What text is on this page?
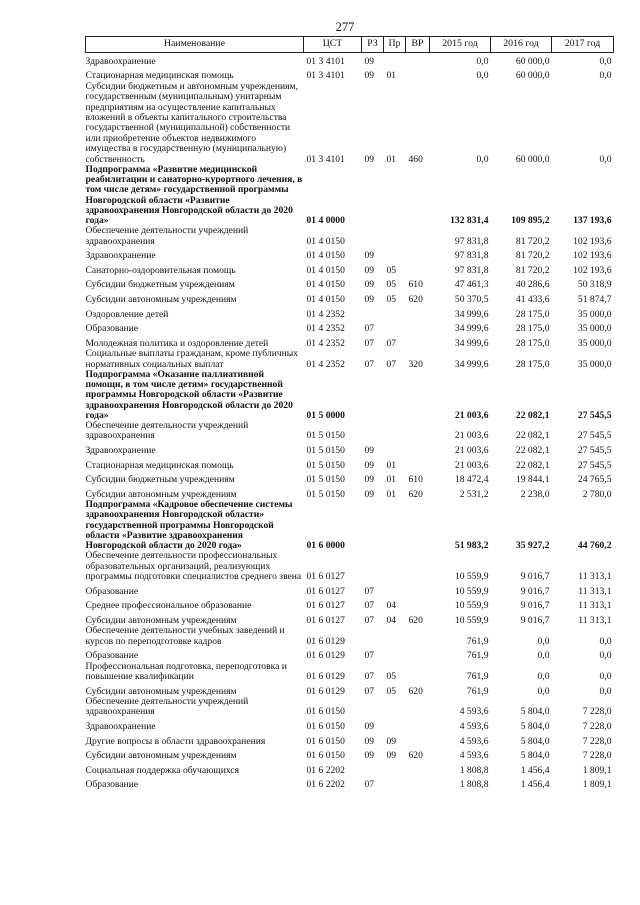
277
Наименование	ЦСТ	РЗ	Пр	ВР	2015 год	2016 год	2017 год
Здравоохранение	01 3 4101	09			0,0	60 000,0	0,0
Стационарная медицинская помощь	01 3 4101	09	01		0,0	60 000,0	0,0
Субсидии бюджетным и автономным учреждениям, государственным (муниципальным) унитарным предприятиям на осуществление капитальных вложений в объекты капитального строительства государственной (муниципальной) собственности или приобретение объектов недвижимого имущества в государственную (муниципальную) собственность	01 3 4101	09	01	460	0,0	60 000,0	0,0
Подпрограмма «Развитие медицинской реабилитации и санаторно-курортного лечения, в том числе детям» государственной программы Новгородской области «Развитие здравоохранения Новгородской области до 2020 года»	01 4 0000				132 831,4	109 895,2	137 193,6
Обеспечение деятельности учреждений здравоохранения	01 4 0150				97 831,8	81 720,2	102 193,6
Здравоохранение	01 4 0150	09			97 831,8	81 720,2	102 193,6
Санаторно-оздоровительная помощь	01 4 0150	09	05		97 831,8	81 720,2	102 193,6
Субсидии бюджетным учреждениям	01 4 0150	09	05	610	47 461,3	40 286,6	50 318,9
Субсидии автономным учреждениям	01 4 0150	09	05	620	50 370,5	41 433,6	51 874,7
Оздоровление детей	01 4 2352				34 999,6	28 175,0	35 000,0
Образование	01 4 2352	07			34 999,6	28 175,0	35 000,0
Молодежная политика и оздоровление детей	01 4 2352	07	07		34 999,6	28 175,0	35 000,0
Социальные выплаты гражданам, кроме публичных нормативных социальных выплат	01 4 2352	07	07	320	34 999,6	28 175,0	35 000,0
Подпрограмма «Оказание паллиативной помощи, в том числе детям» государственной программы Новгородской области «Развитие здравоохранения Новгородской области до 2020 года»	01 5 0000				21 003,6	22 082,1	27 545,5
Обеспечение деятельности учреждений здравоохранения	01 5 0150				21 003,6	22 082,1	27 545,5
Здравоохранение	01 5 0150	09			21 003,6	22 082,1	27 545,5
Стационарная медицинская помощь	01 5 0150	09	01		21 003,6	22 082,1	27 545,5
Субсидии бюджетным учреждениям	01 5 0150	09	01	610	18 472,4	19 844,1	24 765,5
Субсидии автономным учреждениям	01 5 0150	09	01	620	2 531,2	2 238,0	2 780,0
Подпрограмма «Кадровое обеспечение системы здравоохранения Новгородской области» государственной программы Новгородской области «Развитие здравоохранения Новгородской области до 2020 года»	01 6 0000				51 983,2	35 927,2	44 760,2
Обеспечение деятельности профессиональных образовательных организаций, реализующих программы подготовки специалистов среднего звена	01 6 0127				10 559,9	9 016,7	11 313,1
Образование	01 6 0127	07			10 559,9	9 016,7	11 313,1
Среднее профессиональное образование	01 6 0127	07	04		10 559,9	9 016,7	11 313,1
Субсидии автономным учреждениям	01 6 0127	07	04	620	10 559,9	9 016,7	11 313,1
Обеспечение деятельности учебных заведений и курсов по переподготовке кадров	01 6 0129				761,9	0,0	0,0
Образование	01 6 0129	07			761,9	0,0	0,0
Профессиональная подготовка, переподготовка и повышение квалификации	01 6 0129	07	05		761,9	0,0	0,0
Субсидии автономным учреждениям	01 6 0129	07	05	620	761,9	0,0	0,0
Обеспечение деятельности учреждений здравоохранения	01 6 0150				4 593,6	5 804,0	7 228,0
Здравоохранение	01 6 0150	09			4 593,6	5 804,0	7 228,0
Другие вопросы в области здравоохранения	01 6 0150	09	09		4 593,6	5 804,0	7 228,0
Субсидии автономным учреждениям	01 6 0150	09	09	620	4 593,6	5 804,0	7 228,0
Социальная поддержка обучающихся	01 6 2202				1 808,8	1 456,4	1 809,1
Образование	01 6 2202	07			1 808,8	1 456,4	1 809,1
